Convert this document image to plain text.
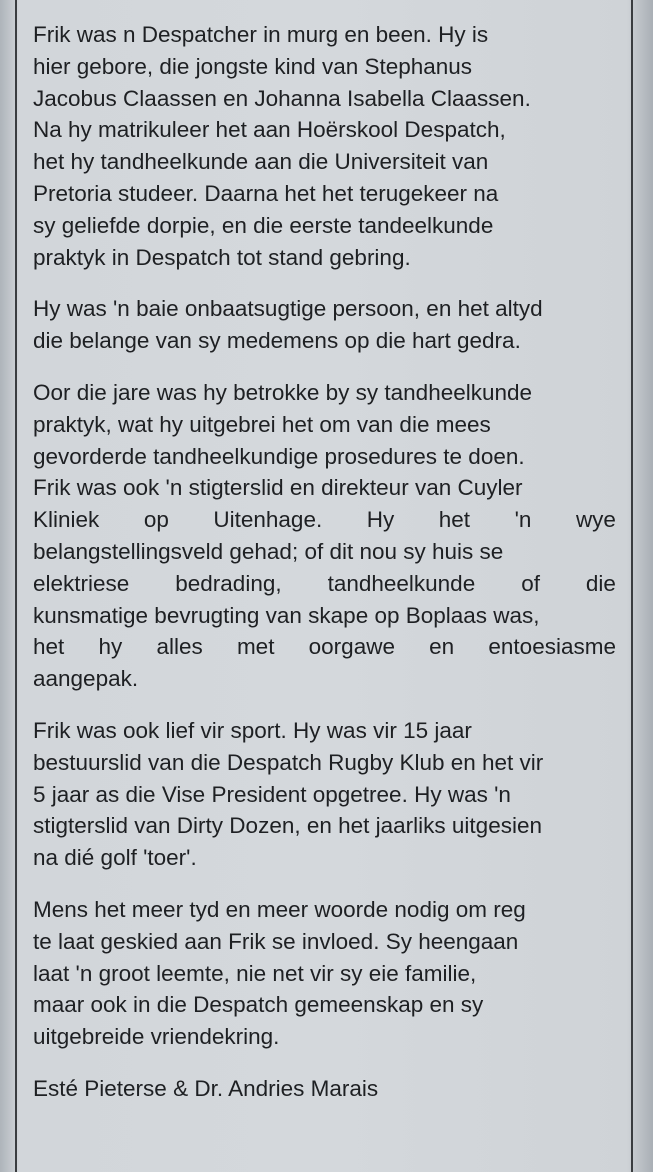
Frik was n Despatcher in murg en been. Hy is
hier gebore, die jongste kind van Stephanus
Jacobus Claassen en Johanna Isabella Claassen.
Na hy matrikuleer het aan Hoërskool Despatch,
het hy tandheelkunde aan die Universiteit van
Pretoria studeer. Daarna het het terugekeer na
sy geliefde dorpie, en die eerste tandeelkunde
praktyk in Despatch tot stand gebring.
Hy was 'n baie onbaatsugtige persoon, en het altyd
die belange van sy medemens op die hart gedra.
Oor die jare was hy betrokke by sy tandheelkunde
praktyk, wat hy uitgebrei het om van die mees
gevorderde tandheelkundige prosedures te doen.
Frik was ook 'n stigterslid en direkteur van Cuyler
Kliniek op Uitenhage. Hy het 'n wye
belangstellingsveld gehad; of dit nou sy huis se
elektriese bedrading, tandheelkunde of die
kunsmatige bevrugting van skape op Boplaas was,
het hy alles met oorgawe en entoesiasme
aangepak.
Frik was ook lief vir sport. Hy was vir 15 jaar
bestuurslid van die Despatch Rugby Klub en het vir
5 jaar as die Vise President opgetree. Hy was 'n
stigterslid van Dirty Dozen, en het jaarliks uitgesien
na dié golf 'toer'.
Mens het meer tyd en meer woorde nodig om reg
te laat geskied aan Frik se invloed. Sy heengaan
laat 'n groot leemte, nie net vir sy eie familie,
maar ook in die Despatch gemeenskap en sy
uitgebreide vriendekring.
Esté Pieterse & Dr. Andries Marais
